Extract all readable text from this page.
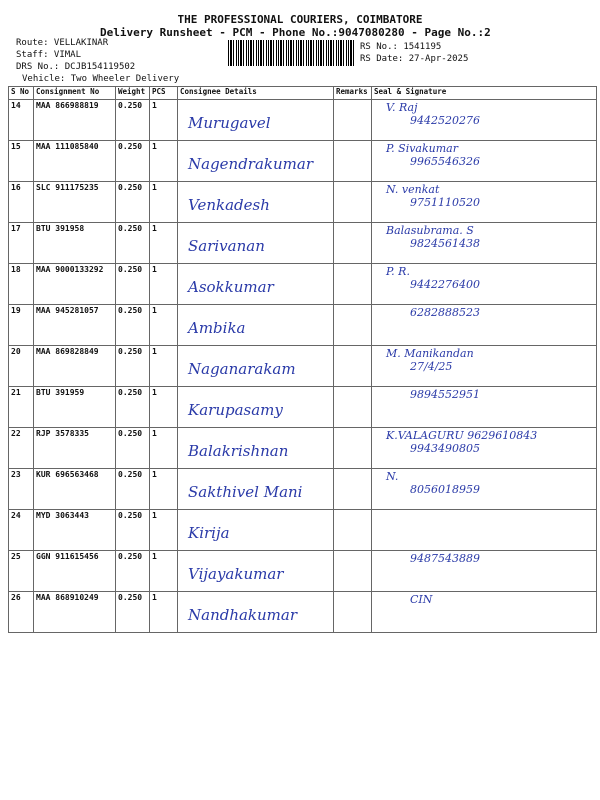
THE PROFESSIONAL COURIERS, COIMBATORE
Delivery Runsheet - PCM - Phone No.:9047080280 - Page No.:2
Route: VELLAKINAR
Staff: VIMAL
DRS No.: DCJB154119502
Vehicle: Two Wheeler Delivery
RS No.: 1541195
RS Date: 27-Apr-2025
S No	Consignment No	Weight	PCS	Consignee Details	Remarks	Seal & Signature
14	MAA 866988819	0.250	1	Murugavel		V. Raj
9442520276

15	MAA 111085840	0.250	1	Nagendrakumar		P. Sivakumar
9965546326

16	SLC 911175235	0.250	1	Venkadesh		N. venkat
9751110520

17	BTU 391958	0.250	1	Sarivanan		Balasubrama. S
9824561438

18	MAA 9000133292	0.250	1	Asokkumar		P. R.
9442276400

19	MAA 945281057	0.250	1	Ambika		6282888523

20	MAA 869828849	0.250	1	Naganarakam		M. Manikandan
27/4/25

21	BTU 391959	0.250	1	Karupasamy		9894552951

22	RJP 3578335	0.250	1	Balakrishnan		K.VALAGURU 9629610843
9943490805

23	KUR 696563468	0.250	1	Sakthivel Mani		N.
8056018959

24	MYD 3063443	0.250	1	Kirija		

25	GGN 911615456	0.250	1	Vijayakumar		9487543889

26	MAA 868910249	0.250	1	Nandhakumar		CIN
